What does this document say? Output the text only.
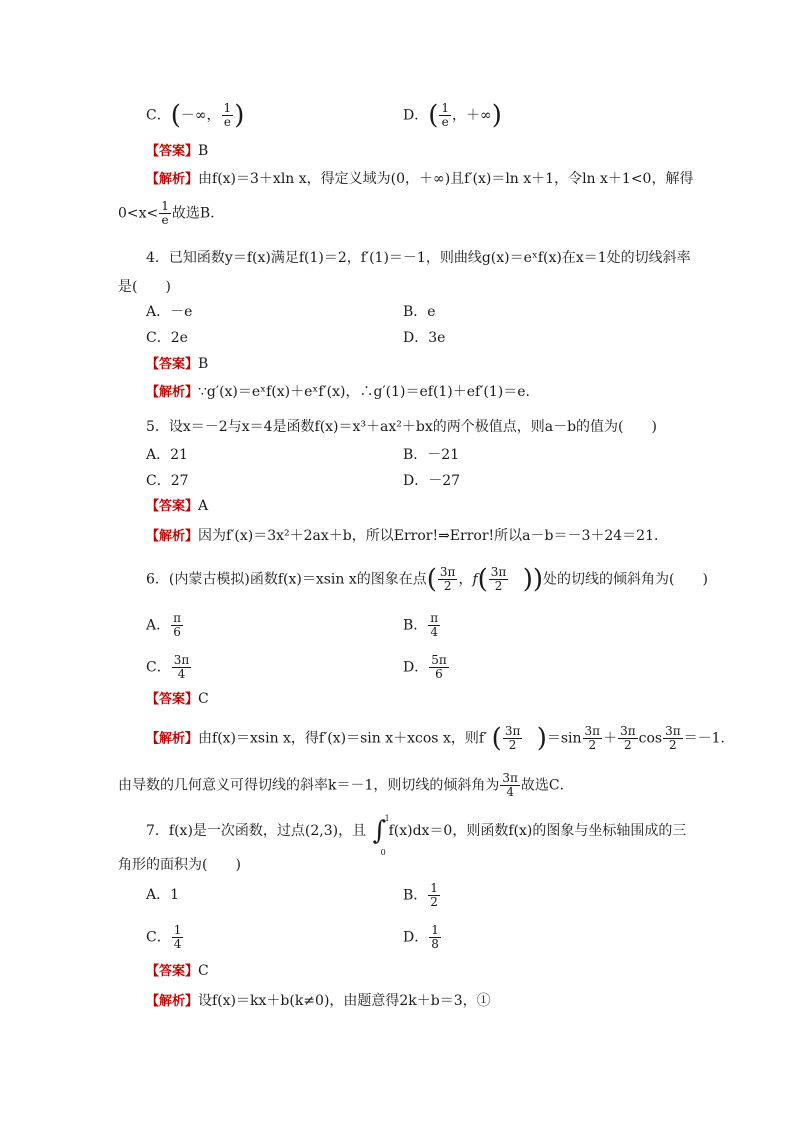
C．(－∞， $\frac{1}{e}$ )	D．( $\frac{1}{e}$ ，＋∞)
【答案】B
【解析】由f(x)＝3＋xln x，得定义域为(0，＋∞)且f′(x)＝ln x＋1，令ln x＋1<0，解得
$0<x< \frac{1}{e}$ 故选B．
4．已知函数y＝f(x)满足f(1)＝2，f′(1)＝－1，则曲线g(x)＝eˣf(x)在x＝1处的切线斜率
是(　　)
A．－e	B．e
C．2e	D．3e
【答案】B
【解析】∵g′(x)＝eˣf(x)＋eˣf′(x)，∴g′(1)＝ef(1)＋ef′(1)＝e.
5．设x＝－2与x＝4是函数f(x)＝x³＋ax²＋bx的两个极值点，则a－b的值为(　　)
A．21	B．－21
C．27	D．－27
【答案】A
【解析】因为f′(x)＝3x²＋2ax＋b，所以Error!⇒Error!所以a－b＝－3＋24＝21.
6．(内蒙古模拟)函数f(x)＝xsin x的图象在点( $\frac{3\pi}{2}$ ，$f( \frac{3\pi}{2}$ ))处的切线的倾斜角为(　　)
A． $\frac{\pi}{6}$	B． $\frac{\pi}{4}$
C． $\frac{3\pi}{4}$	D． $\frac{5\pi}{6}$
【答案】C
【解析】由f(x)＝xsin x，得f′(x)＝sin x＋xcos x，则f′ ( $\frac{3\pi}{2} )=\sin \frac{3\pi}{2} + \frac{3\pi}{2}$ $\cos \frac{3\pi}{2} =-1$.
由导数的几何意义可得切线的斜率k＝－1，则切线的倾斜角为 $\frac{3\pi}{4}$ 故选C．
7．f(x)是一次函数，过点(2,3)，且 ∫
1
0
f(x)dx＝0，则函数f(x)的图象与坐标轴围成的三
角形的面积为(　　)
A．1	B． $\frac{1}{2}$
C． $\frac{1}{4}$	D． $\frac{1}{8}$
【答案】C
【解析】设f(x)＝kx＋b(k≠0)，由题意得2k＋b＝3，①
